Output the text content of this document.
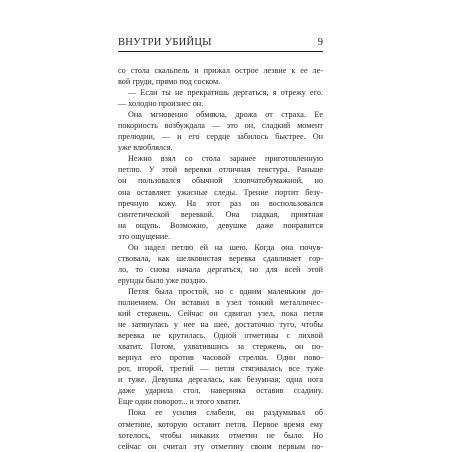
ВНУТРИ УБИЙЦЫ	9
со стола скальпель и прижал острое лезвие к ее ле-
вой груди, прямо под соском.
— Если ты не прекратишь дергаться, я отрежу его.
— холодно произнес он.
Она мгновенно обмякла, дрожа от страха. Ее
покорность возбуждала — это он, сладкий момент
прелюдии, — и его сердце забилось быстрее. Он
уже влюблялся.
Нежно взял со стола заранее приготовленную
петлю. У этой веревки отличная текстура. Раньше
он пользовался обычной хлопчатобумажной, но
она оставляет ужасные следы. Трение портит безу-
пречную кожу. На этот раз он воспользовался
синтетической веревкой. Она гладкая, приятная
на ощупь. Возможно, девушке даже понравится
это ощущение.
Он надел петлю ей на шею. Когда она почув-
ствовала, как шелковистая веревка сдавливает гор-
ло, то снова начала дергаться, но для всей этой
ерунды было уже поздно.
Петля была простой, но с одним маленьким до-
полнением. Он вставил в узел тонкий металличес-
кий стержень. Сейчас он сдвигал узел, пока петля
не затянулась у нее на шее, достаточно туго, чтобы
веревка не крутилась. Одной отметины с лихвой
хватит. Потом, ухватившись за стержень, он по-
вернул его против часовой стрелки. Один пово-
рот, второй, третий — петля стягивалась все туже
и туже. Девушка дергалась, как безумная; одна нога
даже ударила стол, наверняка оставив ссадину.
Еще один поворот... и этого хватит.
Пока ее усилия слабели, он раздумывал об
отметине, которую оставит петля. Первое время ему
хотелось, чтобы никаких отметин не было. Но
сейчас он считал эту отметину своим первым по-
